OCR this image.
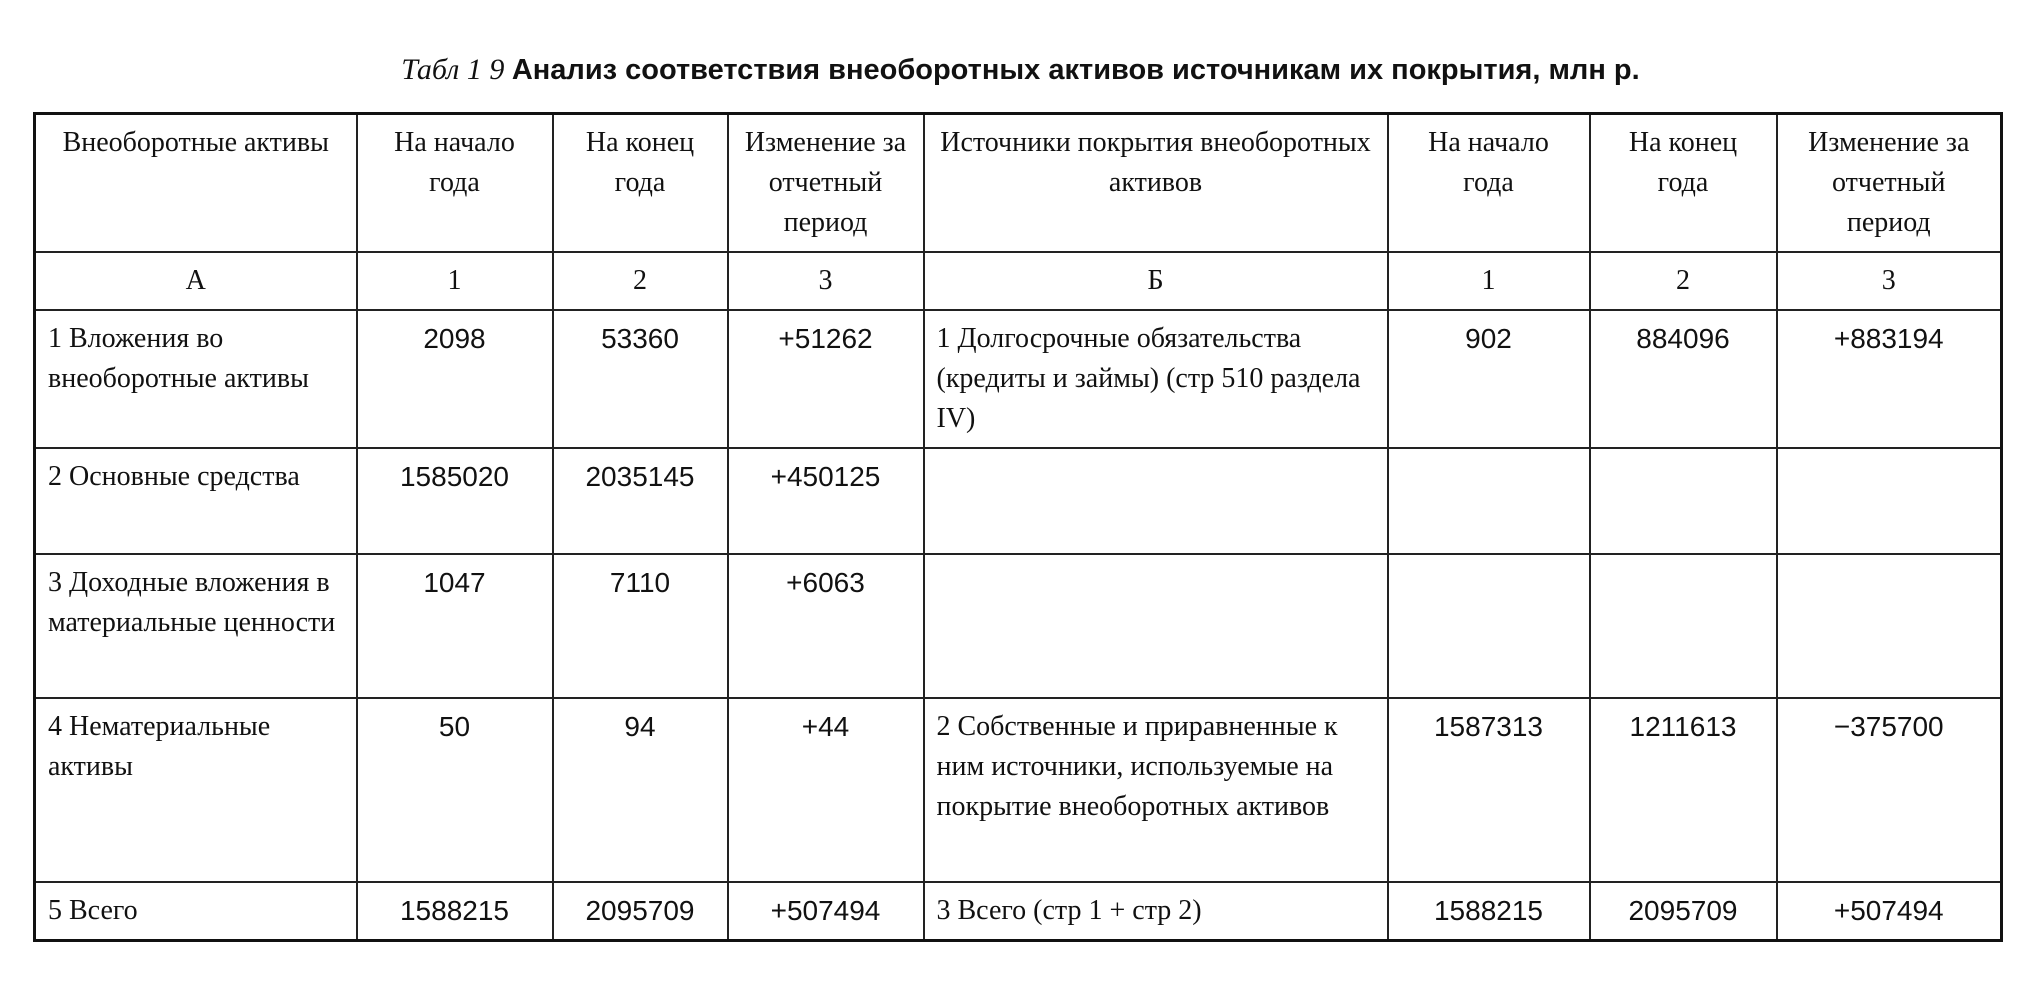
Табл 1 9 Анализ соответствия внеоборотных активов источникам их покрытия, млн р.
Внеоборотные активы	На начало года	На конец года	Изменение за отчетный период	Источники покрытия внеоборотных активов	На начало года	На конец года	Изменение за отчетный период
А	1	2	3	Б	1	2	3
1 Вложения во внеоборотные активы	2098	53360	+51262	1 Долгосрочные обязательства (кредиты и займы) (стр 510 раздела IV)	902	884096	+883194
2 Основные средства	1585020	2035145	+450125				
3 Доходные вложения в материальные ценности	1047	7110	+6063				
4 Нематериальные активы	50	94	+44	2 Собственные и приравненные к ним источники, используемые на покрытие внеоборотных активов	1587313	1211613	−375700
5 Всего	1588215	2095709	+507494	3 Всего (стр 1 + стр 2)	1588215	2095709	+507494
